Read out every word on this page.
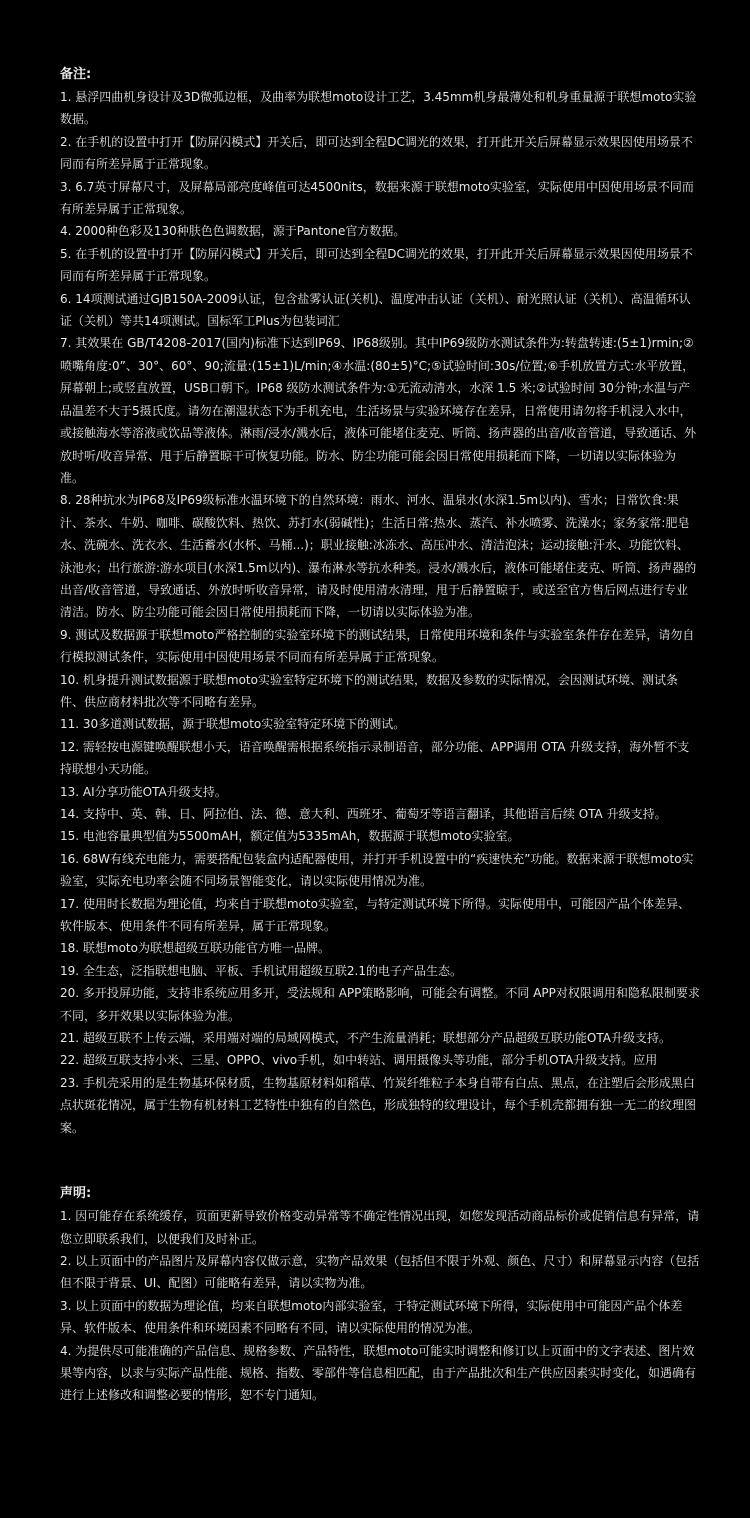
备注:
1. 悬浮四曲机身设计及3D微弧边框，及曲率为联想moto设计工艺，3.45mm机身最薄处和机身重量源于联想moto实验数据。
2. 在手机的设置中打开【防屏闪模式】开关后，即可达到全程DC调光的效果，打开此开关后屏幕显示效果因使用场景不同而有所差异属于正常现象。
3. 6.7英寸屏幕尺寸，及屏幕局部亮度峰值可达4500nits，数据来源于联想moto实验室，实际使用中因使用场景不同而有所差异属于正常现象。
4. 2000种色彩及130种肤色色调数据，源于Pantone官方数据。
5. 在手机的设置中打开【防屏闪模式】开关后，即可达到全程DC调光的效果，打开此开关后屏幕显示效果因使用场景不同而有所差异属于正常现象。
6. 14项测试通过GJB150A-2009认证，包含盐雾认证(关机)、温度冲击认证（关机）、耐光照认证（关机）、高温循环认证（关机）等共14项测试。国标军工Plus为包装词汇
7. 其效果在 GB/T4208-2017(国内)标准下达到IP69、IP68级别。其中IP69级防水测试条件为:转盘转速:(5±1)rmin;②喷嘴角度:0”、30°、60°、90;流量:(15±1)L/min;④水温:(80±5)°C;⑤试验时间:30s/位置;⑥手机放置方式:水平放置，屏幕朝上;或竖直放置，USB口朝下。IP68 级防水测试条件为:①无流动清水，水深 1.5 米;②试验时间 30分钟;水温与产品温差不大于5摄氏度。请勿在潮湿状态下为手机充电，生活场景与实验环境存在差异，日常使用请勿将手机浸入水中，或接触海水等溶液或饮品等液体。淋雨/浸水/溅水后，液体可能堵住麦克、听筒、扬声器的出音/收音管道，导致通话、外放时听/收音异常、甩于后静置晾干可恢复功能。防水、防尘功能可能会因日常使用损耗而下降，一切请以实际体验为准。
8. 28种抗水为IP68及IP69级标准水温环境下的自然环境：雨水、河水、温泉水(水深1.5m以内)、雪水；日常饮食:果汁、茶水、牛奶、咖啡、碳酸饮料、热饮、苏打水(弱碱性)；生活日常:热水、蒸汽、补水喷雾、洗澡水；家务家常:肥皂水、洗碗水、洗衣水、生活蓄水(水杯、马桶...)；职业接触:冰冻水、高压冲水、清洁泡沫；运动接触:汗水、功能饮料、泳池水；出行旅游:游水项目(水深1.5m以内)、瀑布淋水等抗水种类。浸水/溅水后，液体可能堵住麦克、听筒、扬声器的出音/收音管道，导致通话、外放时听收音异常，请及时使用清水清理，甩于后静置晾于，或送至官方售后网点进行专业清洁。防水、防尘功能可能会因日常使用损耗而下降，一切请以实际体验为准。
9. 测试及数据源于联想moto严格控制的实验室环境下的测试结果，日常使用环境和条件与实验室条件存在差异，请勿自行模拟测试条件，实际使用中因使用场景不同而有所差异属于正常现象。
10. 机身提升测试数据源于联想moto实验室特定环境下的测试结果，数据及参数的实际情况，会因测试环境、测试条件、供应商材料批次等不同略有差异。
11. 30多道测试数据，源于联想moto实验室特定环境下的测试。
12. 需轻按电源键唤醒联想小天，语音唤醒需根据系统指示录制语音，部分功能、APP调用 OTA 升级支持，海外暂不支持联想小天功能。
13. AI分享功能OTA升级支持。
14. 支持中、英、韩、日、阿拉伯、法、德、意大利、西班牙、葡萄牙等语言翻译，其他语言后续 OTA 升级支持。
15. 电池容量典型值为5500mAH，额定值为5335mAh，数据源于联想moto实验室。
16. 68W有线充电能力，需要搭配包装盒内适配器使用，并打开手机设置中的“疾速快充”功能。数据来源于联想moto实验室，实际充电功率会随不同场景智能变化，请以实际使用情况为准。
17. 使用时长数据为理论值，均来自于联想moto实验室，与特定测试环境下所得。实际使用中，可能因产品个体差异、软件版本、使用条件不同有所差异，属于正常现象。
18. 联想moto为联想超级互联功能官方唯一品牌。
19. 全生态，泛指联想电脑、平板、手机试用超级互联2.1的电子产品生态。
20. 多开投屏功能，支持非系统应用多开，受法规和 APP策略影响，可能会有调整。不同 APP对权限调用和隐私限制要求不同，多开效果以实际体验为准。
21. 超级互联不上传云端，采用端对端的局域网模式，不产生流量消耗；联想部分产品超级互联功能OTA升级支持。
22. 超级互联支持小米、三星、OPPO、vivo手机，如中转站、调用摄像头等功能，部分手机OTA升级支持。应用
23. 手机壳采用的是生物基环保材质，生物基原材料如稻草、竹炭纤维粒子本身自带有白点、黑点，在注塑后会形成黑白点状斑花情况，属于生物有机材料工艺特性中独有的自然色，形成独特的纹理设计，每个手机壳都拥有独一无二的纹理图案。
声明:
1. 因可能存在系统缓存，页面更新导致价格变动异常等不确定性情况出现，如您发现活动商品标价或促销信息有异常，请您立即联系我们，以便我们及时补正。
2. 以上页面中的产品图片及屏幕内容仅做示意，实物产品效果（包括但不限于外观、颜色、尺寸）和屏幕显示内容（包括但不限于背景、UI、配图）可能略有差异，请以实物为准。
3. 以上页面中的数据为理论值，均来自联想moto内部实验室，于特定测试环境下所得，实际使用中可能因产品个体差异、软件版本、使用条件和环境因素不同略有不同，请以实际使用的情况为准。
4. 为提供尽可能准确的产品信息、规格参数、产品特性，联想moto可能实时调整和修订以上页面中的文字表述、图片效果等内容，以求与实际产品性能、规格、指数、零部件等信息相匹配，由于产品批次和生产供应因素实时变化，如遇确有进行上述修改和调整必要的情形，恕不专门通知。
